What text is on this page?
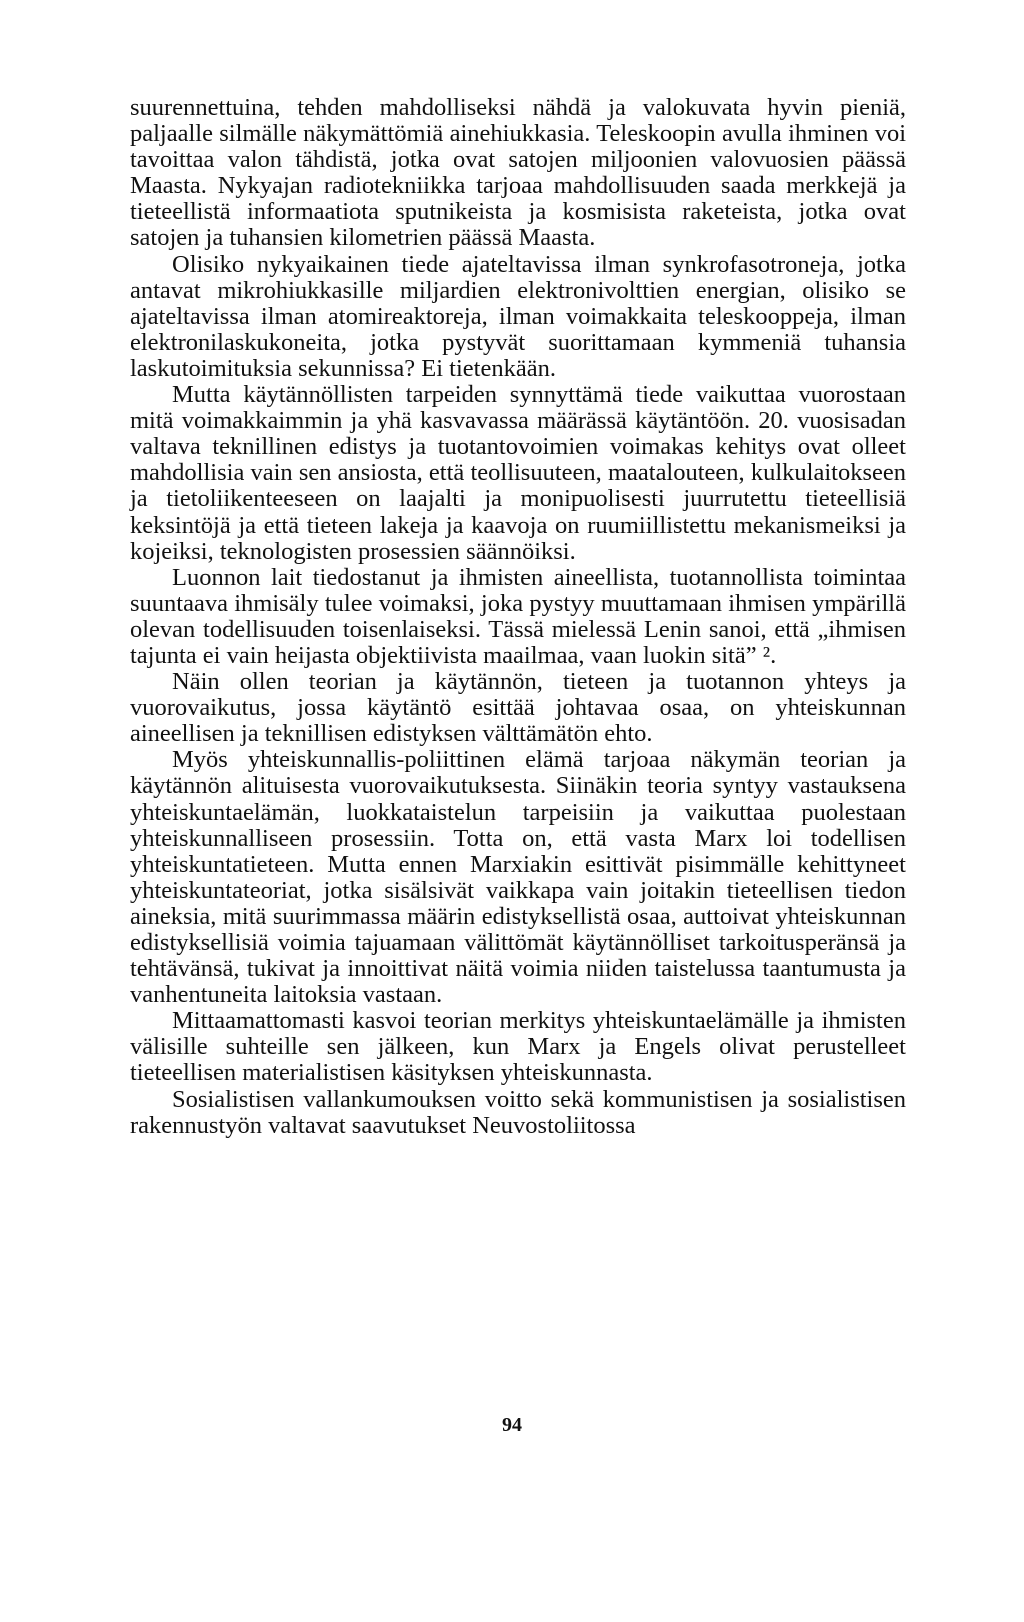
suurennettuina, tehden mahdolliseksi nähdä ja valokuvata hyvin pieniä, paljaalle silmälle näkymättömiä ainehiukkasia. Teleskoopin avulla ihminen voi tavoittaa valon tähdistä, jotka ovat satojen miljoonien valovuosien päässä Maasta. Nykyajan radiotekniikka tarjoaa mahdollisuuden saada merkkejä ja tieteellistä informaatiota sputnikeista ja kosmisista raketeista, jotka ovat satojen ja tuhansien kilometrien päässä Maasta.

Olisiko nykyaikainen tiede ajateltavissa ilman synkrofasotroneja, jotka antavat mikrohiukkasille miljardien elektronivolttien energian, olisiko se ajateltavissa ilman atomireaktoreja, ilman voimakkaita teleskooppeja, ilman elektronilaskukoneita, jotka pystyvät suorittamaan kymmeniä tuhansia laskutoimituksia sekunnissa? Ei tietenkään.

Mutta käytännöllisten tarpeiden synnyttämä tiede vaikuttaa vuorostaan mitä voimakkaimmin ja yhä kasvavassa määrässä käytäntöön. 20. vuosisadan valtava teknillinen edistys ja tuotantovoimien voimakas kehitys ovat olleet mahdollisia vain sen ansiosta, että teollisuuteen, maatalouteen, kulkulaitokseen ja tietoliikenteeseen on laajalti ja monipuolisesti juurrutettu tieteellisiä keksintöjä ja että tieteen lakeja ja kaavoja on ruumiillistettu mekanismeiksi ja kojeiksi, teknologisten prosessien säännöiksi.

Luonnon lait tiedostanut ja ihmisten aineellista, tuotannollista toimintaa suuntaava ihmisäly tulee voimaksi, joka pystyy muuttamaan ihmisen ympärillä olevan todellisuuden toisenlaiseksi. Tässä mielessä Lenin sanoi, että „ihmisen tajunta ei vain heijasta objektiivista maailmaa, vaan luokin sitä” ².

Näin ollen teorian ja käytännön, tieteen ja tuotannon yhteys ja vuorovaikutus, jossa käytäntö esittää johtavaa osaa, on yhteiskunnan aineellisen ja teknillisen edistyksen välttämätön ehto.

Myös yhteiskunnallis-poliittinen elämä tarjoaa näkymän teorian ja käytännön alituisesta vuorovaikutuksesta. Siinäkin teoria syntyy vastauksena yhteiskuntaelämän, luokkataistelun tarpeisiin ja vaikuttaa puolestaan yhteiskunnalliseen prosessiin. Totta on, että vasta Marx loi todellisen yhteiskuntatieteen. Mutta ennen Marxiakin esittivät pisimmälle kehittyneet yhteiskuntateoriat, jotka sisälsivät vaikkapa vain joitakin tieteellisen tiedon aineksia, mitä suurimmassa määrin edistyksellistä osaa, auttoivat yhteiskunnan edistyksellisiä voimia tajuamaan välittömät käytännölliset tarkoitusperänsä ja tehtävänsä, tukivat ja innoittivat näitä voimia niiden taistelussa taantumusta ja vanhentuneita laitoksia vastaan.

Mittaamattomasti kasvoi teorian merkitys yhteiskuntaelämälle ja ihmisten välisille suhteille sen jälkeen, kun Marx ja Engels olivat perustelleet tieteellisen materialistisen käsityksen yhteiskunnasta.

Sosialistisen vallankumouksen voitto sekä kommunistisen ja sosialistisen rakennustyön valtavat saavutukset Neuvostoliitossa

94
